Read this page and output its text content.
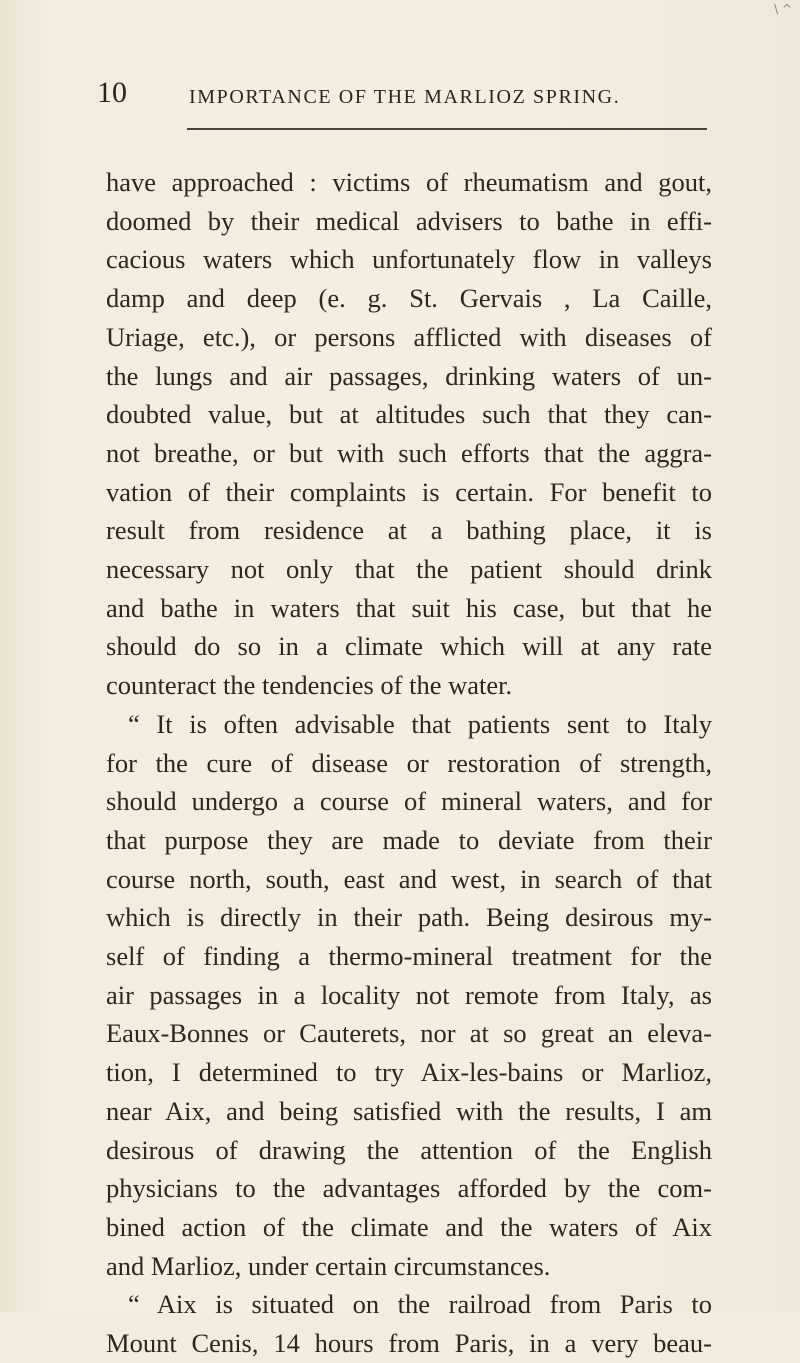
\ ^
10	IMPORTANCE OF THE MARLIOZ SPRING.
have approached : victims of rheumatism and gout,
doomed by their medical advisers to bathe in effi-
cacious waters which unfortunately flow in valleys
damp and deep (e. g. St. Gervais , La Caille,
Uriage, etc.), or persons afflicted with diseases of
the lungs and air passages, drinking waters of un-
doubted value, but at altitudes such that they can-
not breathe, or but with such efforts that the aggra-
vation of their complaints is certain. For benefit to
result from residence at a bathing place, it is
necessary not only that the patient should drink
and bathe in waters that suit his case, but that he
should do so in a climate which will at any rate
counteract the tendencies of the water.
“ It is often advisable that patients sent to Italy
for the cure of disease or restoration of strength,
should undergo a course of mineral waters, and for
that purpose they are made to deviate from their
course north, south, east and west, in search of that
which is directly in their path. Being desirous my-
self of finding a thermo-mineral treatment for the
air passages in a locality not remote from Italy, as
Eaux-Bonnes or Cauterets, nor at so great an eleva-
tion, I determined to try Aix-les-bains or Marlioz,
near Aix, and being satisfied with the results, I am
desirous of drawing the attention of the English
physicians to the advantages afforded by the com-
bined action of the climate and the waters of Aix
and Marlioz, under certain circumstances.
“ Aix is situated on the railroad from Paris to
Mount Cenis, 14 hours from Paris, in a very beau-
